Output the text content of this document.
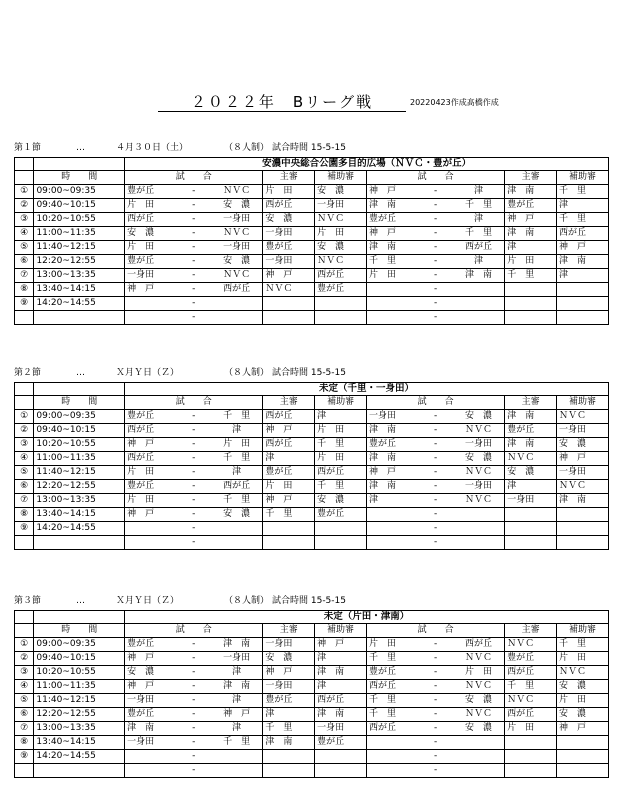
２０２２年　Bリーグ戦	20220423作成髙橋作成
第１節	…	４月３０日（土）	（８人制） 試合時間 15-5-15
		安濃中央総合公園多目的広場（ＮＶＣ・豊が丘）									
	時　　間	試　　合			主審	補助審	試　　合			主審	補助審
①	09:00~09:35	豊が丘	-	ＮＶＣ	片　田	安　濃	神　戸	-	津	津　南	千　里
②	09:40~10:15	片　田	-	安　濃	西が丘	一身田	津　南	-	千　里	豊が丘	津
③	10:20~10:55	西が丘	-	一身田	安　濃	ＮＶＣ	豊が丘	-	津	神　戸	千　里
④	11:00~11:35	安　濃	-	ＮＶＣ	一身田	片　田	神　戸	-	千　里	津　南	西が丘
⑤	11:40~12:15	片　田	-	一身田	豊が丘	安　濃	津　南	-	西が丘	津	神　戸
⑥	12:20~12:55	豊が丘	-	安　濃	一身田	ＮＶＣ	千　里	-	津	片　田	津　南
⑦	13:00~13:35	一身田	-	ＮＶＣ	神　戸	西が丘	片　田	-	津　南	千　里	津
⑧	13:40~14:15	神　戸	-	西が丘	ＮＶＣ	豊が丘		-			
⑨	14:20~14:55		-					-			
			-					-			
第２節	…	Ｘ月Ｙ日（Ｚ）	（８人制） 試合時間 15-5-15
		未定（千里・一身田）									
	時　　間	試　　合			主審	補助審	試　　合			主審	補助審
①	09:00~09:35	豊が丘	-	千　里	西が丘	津	一身田	-	安　濃	津　南	ＮＶＣ
②	09:40~10:15	西が丘	-	津	神　戸	片　田	津　南	-	ＮＶＣ	豊が丘	一身田
③	10:20~10:55	神　戸	-	片　田	西が丘	千　里	豊が丘	-	一身田	津　南	安　濃
④	11:00~11:35	西が丘	-	千　里	津	片　田	津　南	-	安　濃	ＮＶＣ	神　戸
⑤	11:40~12:15	片　田	-	津	豊が丘	西が丘	神　戸	-	ＮＶＣ	安　濃	一身田
⑥	12:20~12:55	豊が丘	-	西が丘	片　田	千　里	津　南	-	一身田	津	ＮＶＣ
⑦	13:00~13:35	片　田	-	千　里	神　戸	安　濃	津	-	ＮＶＣ	一身田	津　南
⑧	13:40~14:15	神　戸	-	安　濃	千　里	豊が丘		-			
⑨	14:20~14:55		-					-			
			-					-			
第３節	…	Ｘ月Ｙ日（Ｚ）	（８人制） 試合時間 15-5-15
		未定（片田・津南）									
	時　　間	試　　合			主審	補助審	試　　合			主審	補助審
①	09:00~09:35	豊が丘	-	津　南	一身田	神　戸	片　田	-	西が丘	ＮＶＣ	千　里
②	09:40~10:15	神　戸	-	一身田	安　濃	津	千　里	-	ＮＶＣ	豊が丘	片　田
③	10:20~10:55	安　濃	-	津	神　戸	津　南	豊が丘	-	片　田	西が丘	ＮＶＣ
④	11:00~11:35	神　戸	-	津　南	一身田	津	西が丘	-	ＮＶＣ	千　里	安　濃
⑤	11:40~12:15	一身田	-	津	豊が丘	西が丘	千　里	-	安　濃	ＮＶＣ	片　田
⑥	12:20~12:55	豊が丘	-	神　戸	津	津　南	千　里	-	ＮＶＣ	西が丘	安　濃
⑦	13:00~13:35	津　南	-	津	千　里	一身田	西が丘	-	安　濃	片　田	神　戸
⑧	13:40~14:15	一身田	-	千　里	津　南	豊が丘		-			
⑨	14:20~14:55		-					-			
			-					-			
